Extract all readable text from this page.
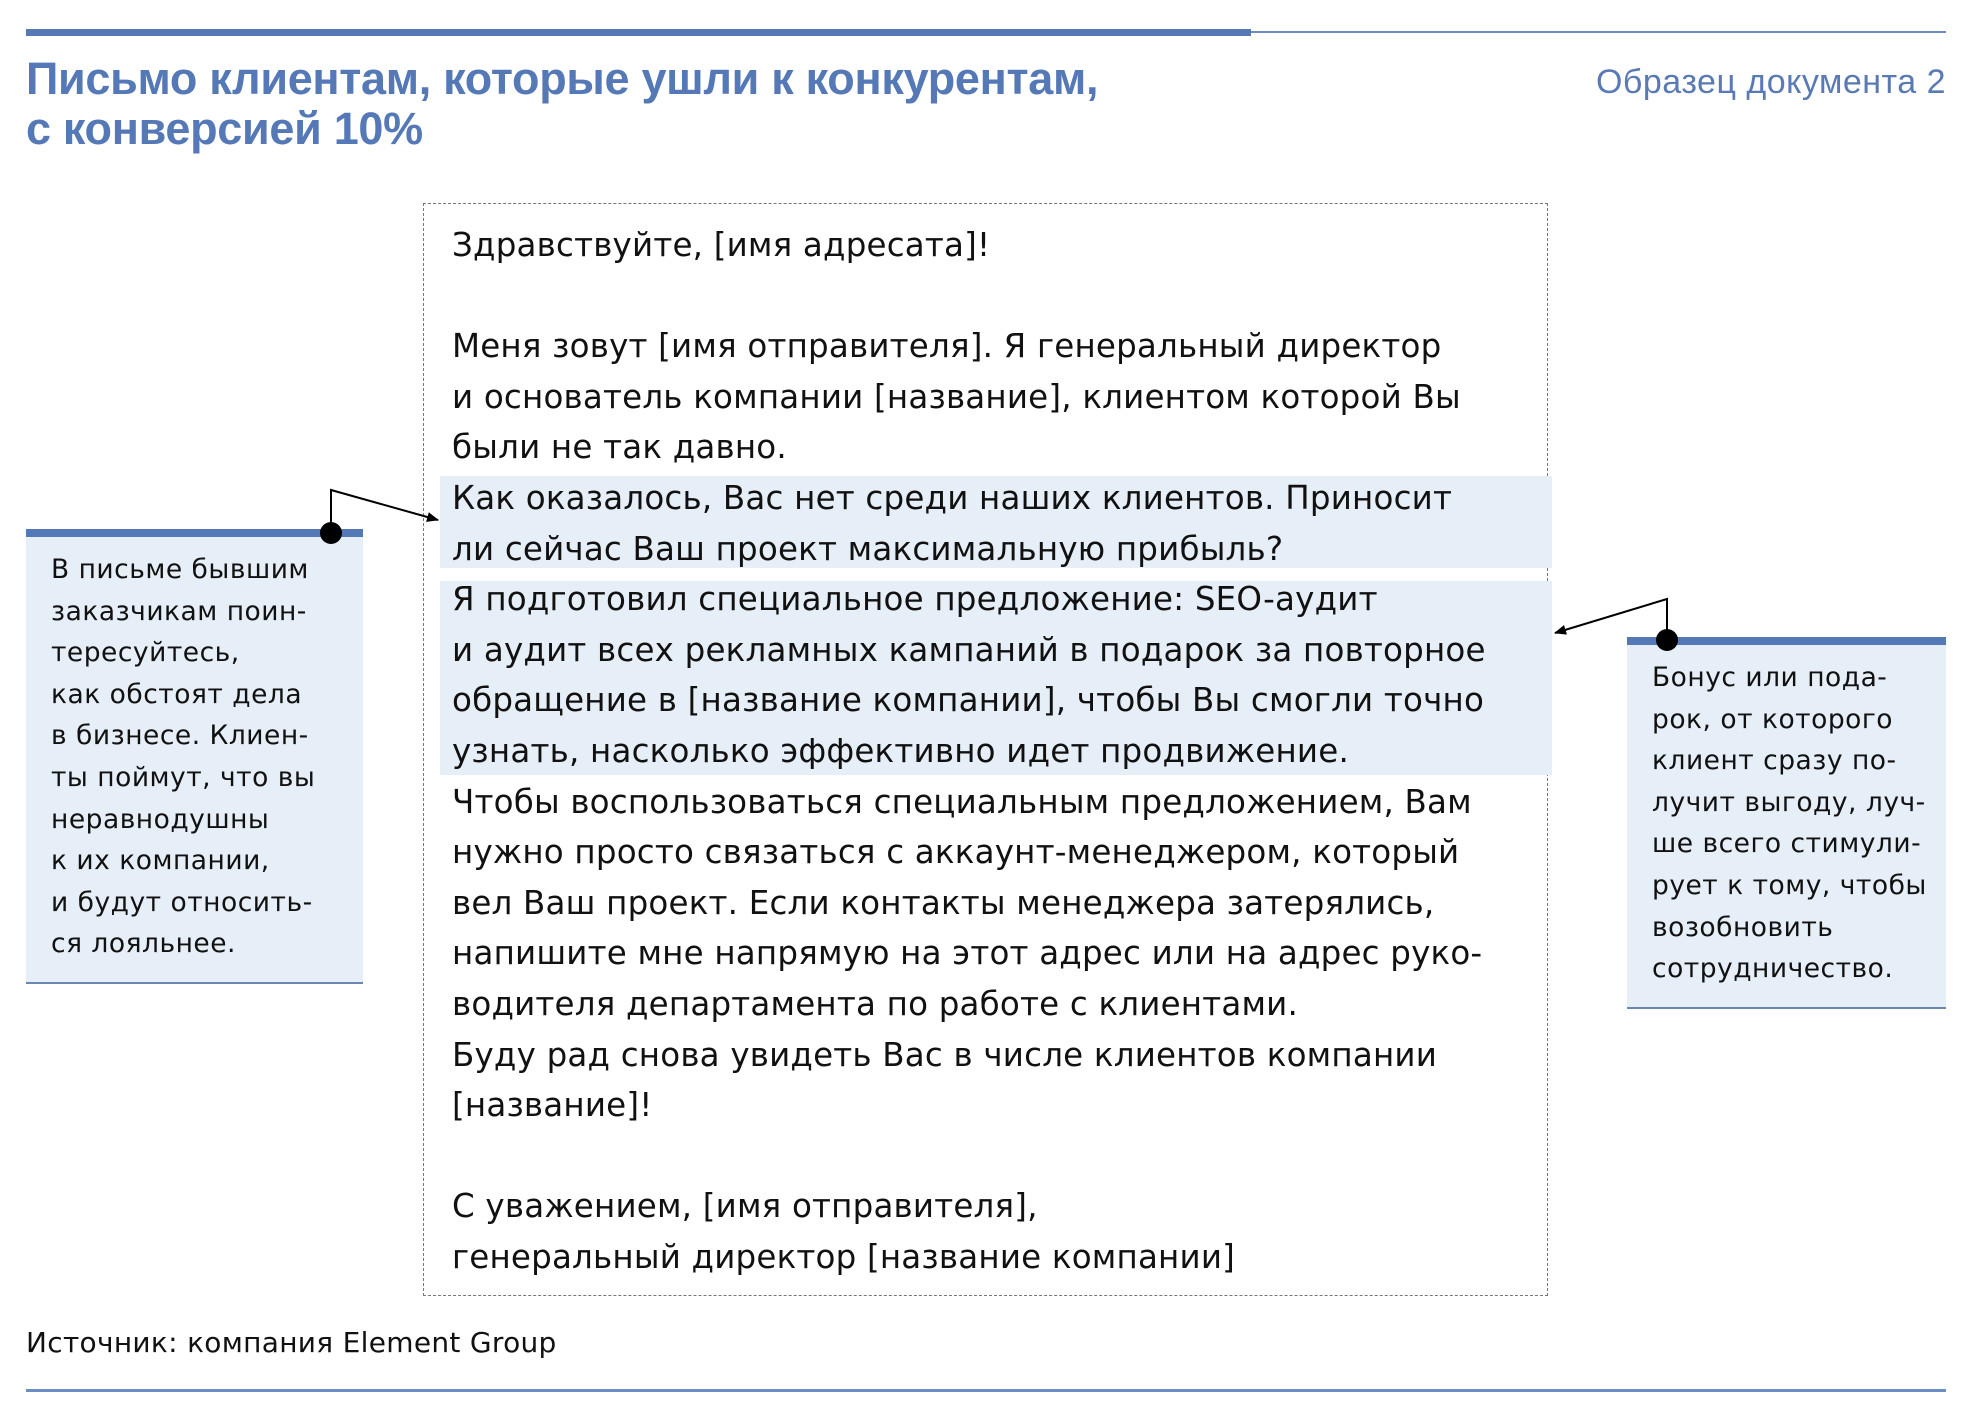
Письмо клиентам, которые ушли к конкурентам,
с конверсией 10%
Образец документа 2
Здравствуйте, [имя адресата]!
Меня зовут [имя отправителя]. Я генеральный директор
и основатель компании [название], клиентом которой Вы
были не так давно.
Как оказалось, Вас нет среди наших клиентов. Приносит
ли сейчас Ваш проект максимальную прибыль?
Я подготовил специальное предложение: SEO-аудит
и аудит всех рекламных кампаний в подарок за повторное
обращение в [название компании], чтобы Вы смогли точно
узнать, насколько эффективно идет продвижение.
Чтобы воспользоваться специальным предложением, Вам
нужно просто связаться с аккаунт-менеджером, который
вел Ваш проект. Если контакты менеджера затерялись,
напишите мне напрямую на этот адрес или на адрес руко-
водителя департамента по работе с клиентами.
Буду рад снова увидеть Вас в числе клиентов компании
[название]!
С уважением, [имя отправителя],
генеральный директор [название компании]
В письме бывшим
заказчикам поин-
тересуйтесь,
как обстоят дела
в бизнесе. Клиен-
ты поймут, что вы
неравнодушны
к их компании,
и будут относить-
ся лояльнее.
Бонус или пода-
рок, от которого
клиент сразу по-
лучит выгоду, луч-
ше всего стимули-
рует к тому, чтобы
возобновить
сотрудничество.
Источник: компания Element Group
